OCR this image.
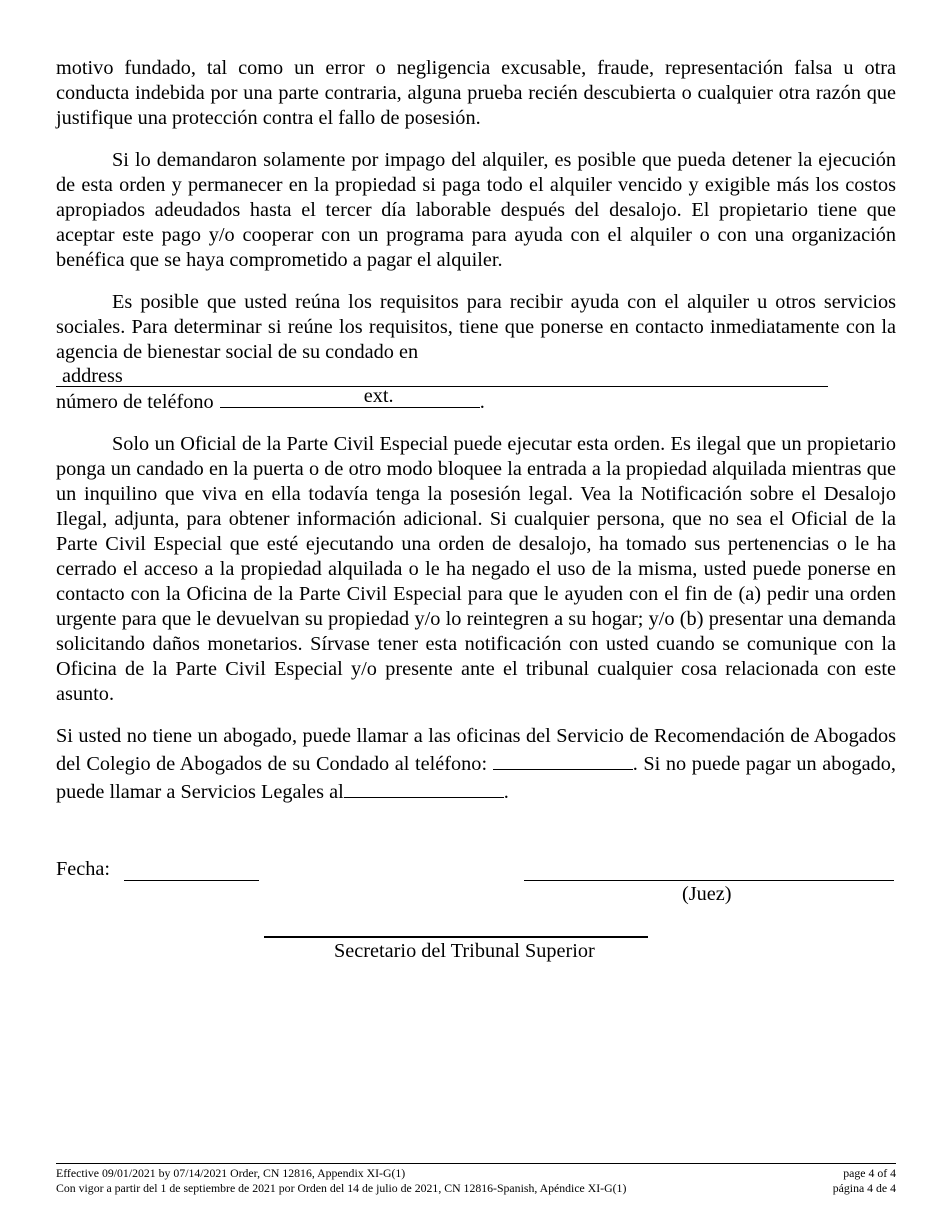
motivo fundado, tal como un error o negligencia excusable, fraude, representación falsa u otra conducta indebida por una parte contraria, alguna prueba recién descubierta o cualquier otra razón que justifique una protección contra el fallo de posesión.

Si lo demandaron solamente por impago del alquiler, es posible que pueda detener la ejecución de esta orden y permanecer en la propiedad si paga todo el alquiler vencido y exigible más los costos apropiados adeudados hasta el tercer día laborable después del desalojo. El propietario tiene que aceptar este pago y/o cooperar con un programa para ayuda con el alquiler o con una organización benéfica que se haya comprometido a pagar el alquiler.

Es posible que usted reúna los requisitos para recibir ayuda con el alquiler u otros servicios sociales. Para determinar si reúne los requisitos, tiene que ponerse en contacto inmediatamente con la agencia de bienestar social de su condado en

address
número de teléfono	ext.	.

Solo un Oficial de la Parte Civil Especial puede ejecutar esta orden. Es ilegal que un propietario ponga un candado en la puerta o de otro modo bloquee la entrada a la propiedad alquilada mientras que un inquilino que viva en ella todavía tenga la posesión legal. Vea la Notificación sobre el Desalojo Ilegal, adjunta, para obtener información adicional. Si cualquier persona, que no sea el Oficial de la Parte Civil Especial que esté ejecutando una orden de desalojo, ha tomado sus pertenencias o le ha cerrado el acceso a la propiedad alquilada o le ha negado el uso de la misma, usted puede ponerse en contacto con la Oficina de la Parte Civil Especial para que le ayuden con el fin de (a) pedir una orden urgente para que le devuelvan su propiedad y/o lo reintegren a su hogar; y/o (b) presentar una demanda solicitando daños monetarios. Sírvase tener esta notificación con usted cuando se comunique con la Oficina de la Parte Civil Especial y/o presente ante el tribunal cualquier cosa relacionada con este asunto.

Si usted no tiene un abogado, puede llamar a las oficinas del Servicio de Recomendación de Abogados del Colegio de Abogados de su Condado al teléfono:	. Si no puede pagar un abogado, puede llamar a Servicios Legales al	.

Fecha:
(Juez)
Secretario del Tribunal Superior
Effective 09/01/2021 by 07/14/2021 Order, CN 12816, Appendix XI-G(1)	page 4 of 4
Con vigor a partir del 1 de septiembre de 2021 por Orden del 14 de julio de 2021, CN 12816-Spanish, Apéndice XI-G(1)	página 4 de 4
